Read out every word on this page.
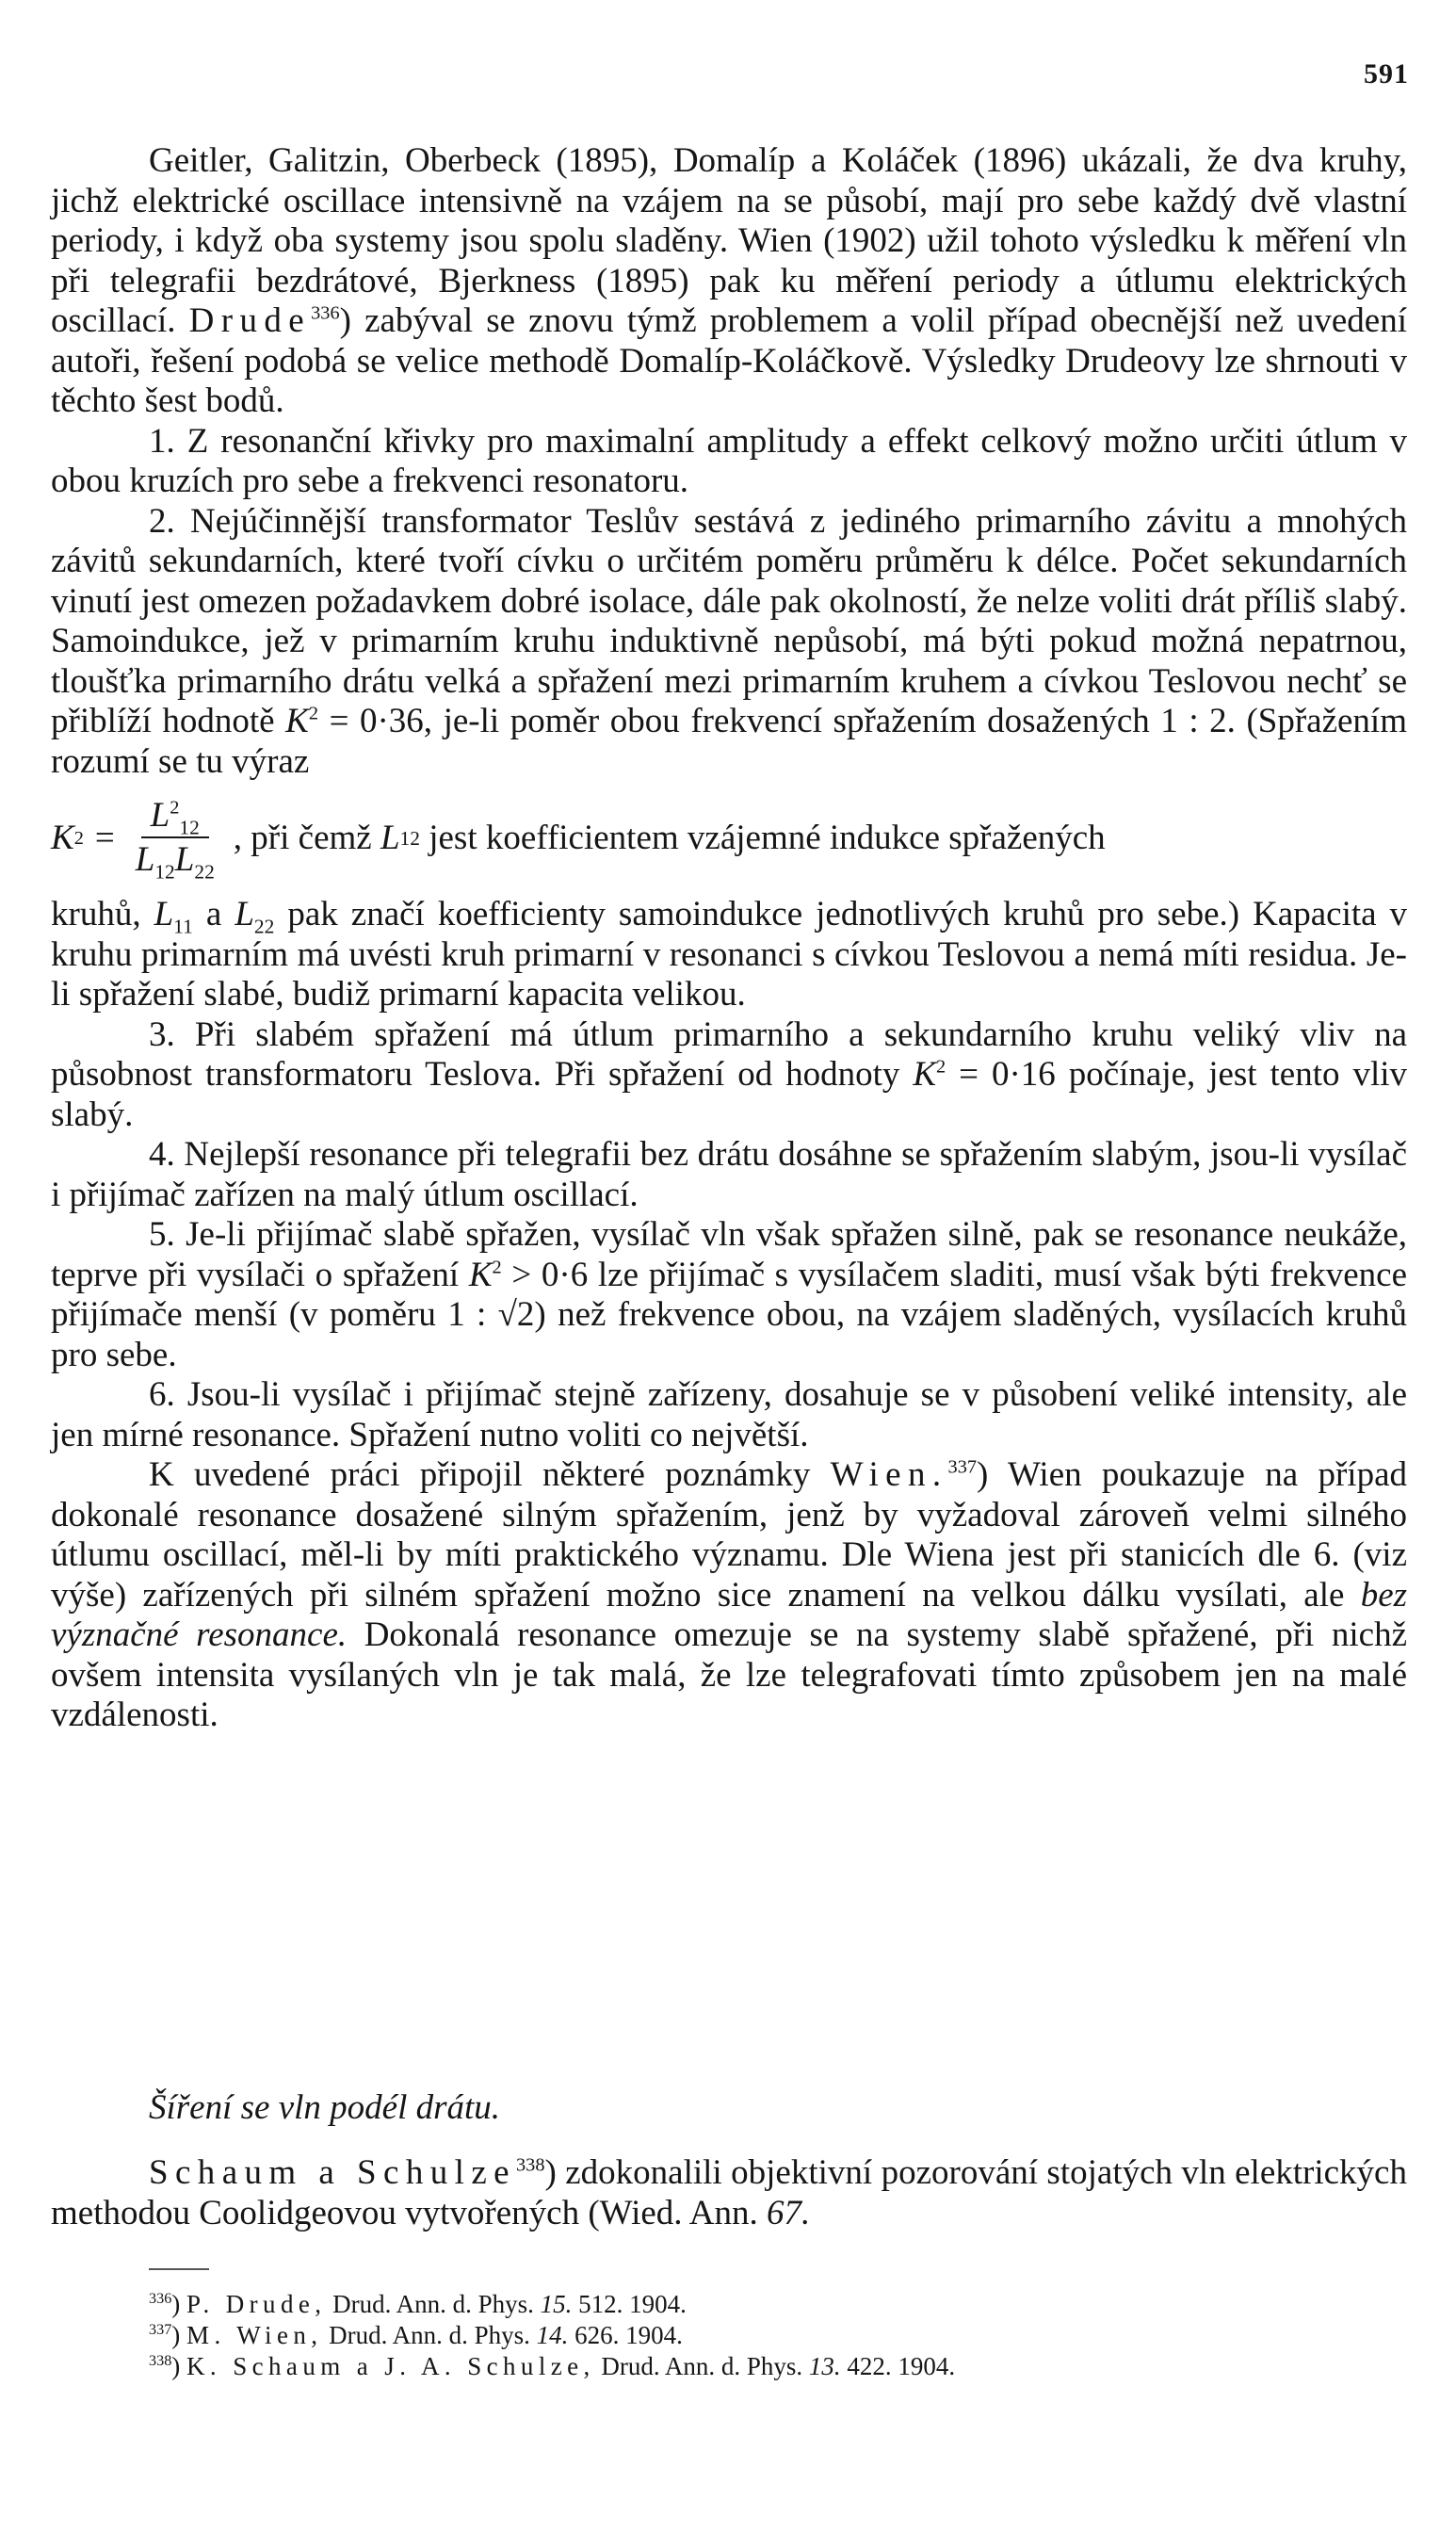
591

Geitler, Galitzin, Oberbeck (1895), Domalíp a Koláček (1896) ukázali, že dva kruhy, jichž elektrické oscillace intensivně na vzájem na se působí, mají pro sebe každý dvě vlastní periody, i když oba systemy jsou spolu sladěny. Wien (1902) užil tohoto výsledku k měření vln při telegrafii bezdrátové, Bjerkness (1895) pak ku měření periody a útlumu elektrických oscillací. Drude$^{336}$) zabýval se znovu týmž problemem a volil případ obecnější než uvedení autoři, řešení podobá se velice methodě Domalíp-Koláčkově. Výsledky Drudeovy lze shrnouti v těchto šest bodů.

1. Z resonanční křivky pro maximalní amplitudy a effekt celkový možno určiti útlum v obou kruzích pro sebe a frekvenci resonatoru.

2. Nejúčinnější transformator Teslův sestává z jediného primarního závitu a mnohých závitů sekundarních, které tvoří cívku o určitém poměru průměru k délce. Počet sekundarních vinutí jest omezen požadavkem dobré isolace, dále pak okolností, že nelze voliti drát příliš slabý. Samoindukce, jež v primarním kruhu induktivně nepůsobí, má býti pokud možná nepatrnou, tloušťka primarního drátu velká a spřažení mezi primarním kruhem a cívkou Teslovou nechť se přiblíží hodnotě $K^2 = 0\cdot 36$, je-li poměr obou frekvencí spřažením dosažených 1 : 2. (Spřažením rozumí se tu výraz

K $2 = \frac{L^2_{12}}{L_{12}L_{22}}$ , při čemž
L 12
jest koefficientem vzájemné indukce spřažených

kruhů, $L_{11}$ a $L_{22}$ pak značí koefficienty samoindukce jednotlivých kruhů pro sebe.) Kapacita v kruhu primarním má uvésti kruh primarní v resonanci s cívkou Teslovou a nemá míti residua. Je-li spřažení slabé, budiž primarní kapacita velikou.

3. Při slabém spřažení má útlum primarního a sekundarního kruhu veliký vliv na působnost transformatoru Teslova. Při spřažení od hodnoty $K^2 = 0\cdot 16$ počínaje, jest tento vliv slabý.

4. Nejlepší resonance při telegrafii bez drátu dosáhne se spřažením slabým, jsou-li vysílač i přijímač zařízen na malý útlum oscillací.

5. Je-li přijímač slabě spřažen, vysílač vln však spřažen silně, pak se resonance neukáže, teprve při vysílači o spřažení $K^2 > 0\cdot 6$ lze přijímač s vysílačem sladiti, musí však býti frekvence přijímače menší (v poměru 1 : √2) než frekvence obou, na vzájem sladěných, vysílacích kruhů pro sebe.

6. Jsou-li vysílač i přijímač stejně zařízeny, dosahuje se v působení veliké intensity, ale jen mírné resonance. Spřažení nutno voliti co největší.

K uvedené práci připojil některé poznámky Wien.$^{337}$) Wien poukazuje na případ dokonalé resonance dosažené silným spřažením, jenž by vyžadoval zároveň velmi silného útlumu oscillací, měl-li by míti praktického významu. Dle Wiena jest při stanicích dle 6. (viz výše) zařízených při silném spřažení možno sice znamení na velkou dálku vysílati, ale bez význačné resonance. Dokonalá resonance omezuje se na systemy slabě spřažené, při nichž ovšem intensita vysílaných vln je tak malá, že lze telegrafovati tímto způsobem jen na malé vzdálenosti.

Šíření se vln podél drátu.

Schaum a Schulze$^{338}$) zdokonalili objektivní pozorování stojatých vln elektrických methodou Coolidgeovou vytvořených (Wied. Ann. 67.

$^{336}$) P. Drude, Drud. Ann. d. Phys. 15. 512. 1904.
$^{337}$) M. Wien, Drud. Ann. d. Phys. 14. 626. 1904.
$^{338}$) K. Schaum a J. A. Schulze, Drud. Ann. d. Phys. 13. 422. 1904.
